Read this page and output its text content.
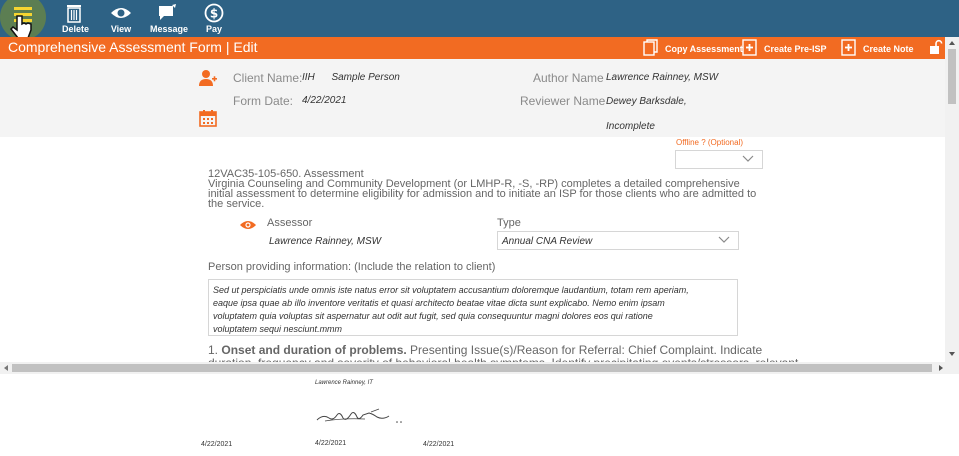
Delete	View	Message
$
Pay
Comprehensive Assessment Form | Edit	Copy Assessment Create Pre-ISP	Create Note
Client Name: IIH      Sample Person
Form Date: 4/22/2021
Author Name Lawrence Rainney, MSW
Reviewer Name Dewey Barksdale,
Incomplete
Offline ? (Optional)
12VAC35-105-650. Assessment
Virginia Counseling and Community Development (or LMHP-R, -S, -RP) completes a detailed comprehensive
initial assessment to determine eligibility for admission and to initiate an ISP for those clients who are admitted to
the service.
Assessor
Lawrence Rainney, MSW
Type
Annual CNA Review
Person providing information: (Include the relation to client)
Sed ut perspiciatis unde omnis iste natus error sit voluptatem accusantium doloremque laudantium, totam rem aperiam,
eaque ipsa quae ab illo inventore veritatis et quasi architecto beatae vitae dicta sunt explicabo. Nemo enim ipsam
voluptatem quia voluptas sit aspernatur aut odit aut fugit, sed quia consequuntur magni dolores eos qui ratione
voluptatem sequi nesciunt.mmm
1. Onset and duration of problems. Presenting Issue(s)/Reason for Referral: Chief Complaint. Indicate
Lawrence Rainney, IT
4/22/2021	4/22/2021	4/22/2021
